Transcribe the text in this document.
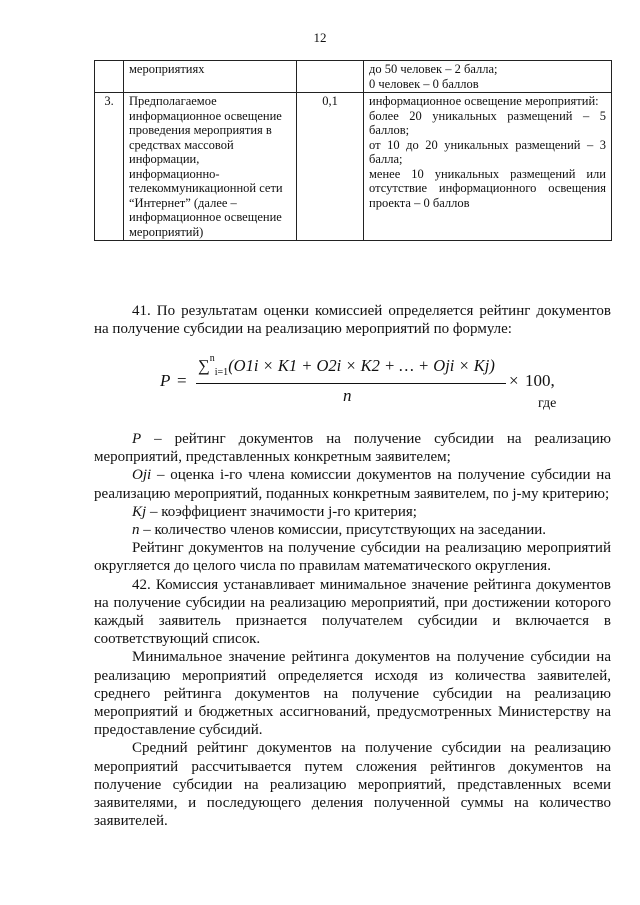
12
	мероприятиях		до 50 человек – 2 балла;
0 человек – 0 баллов

3.	Предполагаемое информационное освещение проведения мероприятия в средствах массовой информации, информационно-телекоммуникационной сети “Интернет” (далее – информационное освещение мероприятий)	0,1	информационное освещение мероприятий:
более 20 уникальных размещений – 5 баллов;
от 10 до 20 уникальных размещений – 3 балла;
менее 10 уникальных размещений или отсутствие информационного освещения проекта – 0 баллов

41. По результатам оценки комиссией определяется рейтинг документов на получение субсидии на реализацию мероприятий по формуле:

P =
∑$^n_{i=1}$(O1i × K1 + O2i × K2 + … + Oji × Kj)
n
× 100,
где

P – рейтинг документов на получение субсидии на реализацию мероприятий, представленных конкретным заявителем;

Oji – оценка i-го члена комиссии документов на получение субсидии на реализацию мероприятий, поданных конкретным заявителем, по j-му критерию;

Kj – коэффициент значимости j-го критерия;

n – количество членов комиссии, присутствующих на заседании.

Рейтинг документов на получение субсидии на реализацию мероприятий округляется до целого числа по правилам математического округления.

42. Комиссия устанавливает минимальное значение рейтинга документов на получение субсидии на реализацию мероприятий, при достижении которого каждый заявитель признается получателем субсидии и включается в соответствующий список.

Минимальное значение рейтинга документов на получение субсидии на реализацию мероприятий определяется исходя из количества заявителей, среднего рейтинга документов на получение субсидии на реализацию мероприятий и бюджетных ассигнований, предусмотренных Министерству на предоставление субсидий.

Средний рейтинг документов на получение субсидии на реализацию мероприятий рассчитывается путем сложения рейтингов документов на получение субсидии на реализацию мероприятий, представленных всеми заявителями, и последующего деления полученной суммы на количество заявителей.
